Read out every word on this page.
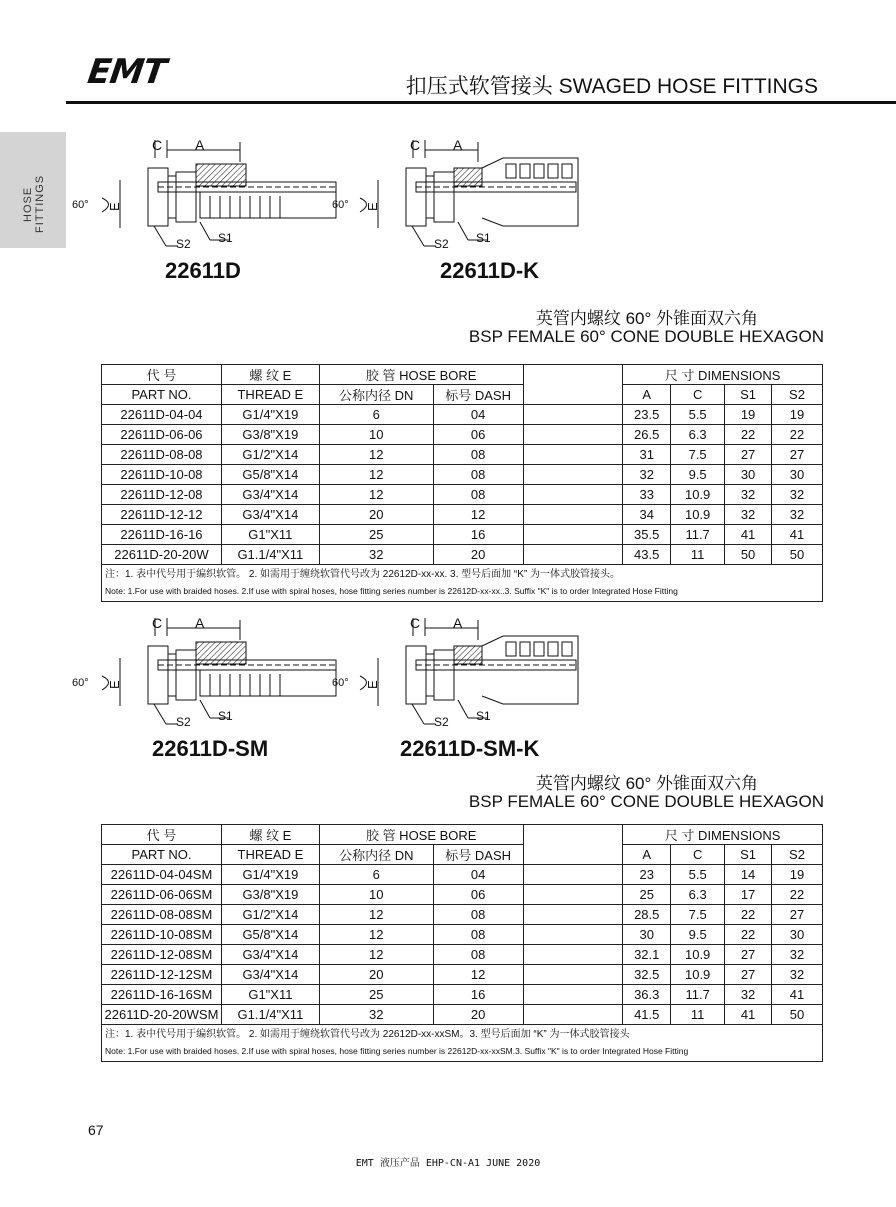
EMT	扣压式软管接头 SWAGED HOSE FITTINGS
HOSE FITTINGS
C A
E
60°
S2 S1
C A
E
60°
S2 S1
C A
E
60°
S2 S1
C A
E
60°
S2 S1
22611D	22611D-K
英管内螺纹 60° 外锥面双六角
BSP FEMALE 60° CONE DOUBLE HEXAGON
代 号	螺 纹 E	胶 管 HOSE BORE			尺 寸 DIMENSIONS			
PART NO.	THREAD E	公称内径 DN	标号 DASH		A	C	S1	S2
22611D-04-04	G1/4"X19	6	04		23.5	5.5	19	19
22611D-06-06	G3/8"X19	10	06		26.5	6.3	22	22
22611D-08-08	G1/2"X14	12	08		31	7.5	27	27
22611D-10-08	G5/8"X14	12	08		32	9.5	30	30
22611D-12-08	G3/4"X14	12	08		33	10.9	32	32
22611D-12-12	G3/4"X14	20	12		34	10.9	32	32
22611D-16-16	G1"X11	25	16		35.5	11.7	41	41
22611D-20-20W	G1.1/4"X11	32	20		43.5	11	50	50

注：1. 表中代号用于编织软管。 2. 如需用于缠绕软管代号改为 22612D-xx-xx. 3. 型号后面加 “K” 为一体式胶管接头。
Note: 1.For use with braided hoses. 2.If use with spiral hoses, hose fitting series number is 22612D-xx-xx..3. Suffix "K" is to order Integrated Hose Fitting								
22611D-SM	22611D-SM-K
英管内螺纹 60° 外锥面双六角
BSP FEMALE 60° CONE DOUBLE HEXAGON
代 号	螺 纹 E	胶 管 HOSE BORE			尺 寸 DIMENSIONS			
PART NO.	THREAD E	公称内径 DN	标号 DASH		A	C	S1	S2
22611D-04-04SM	G1/4"X19	6	04		23	5.5	14	19
22611D-06-06SM	G3/8"X19	10	06		25	6.3	17	22
22611D-08-08SM	G1/2"X14	12	08		28.5	7.5	22	27
22611D-10-08SM	G5/8"X14	12	08		30	9.5	22	30
22611D-12-08SM	G3/4"X14	12	08		32.1	10.9	27	32
22611D-12-12SM	G3/4"X14	20	12		32.5	10.9	27	32
22611D-16-16SM	G1"X11	25	16		36.3	11.7	32	41
22611D-20-20WSM	G1.1/4"X11	32	20		41.5	11	41	50

注：1. 表中代号用于编织软管。 2. 如需用于缠绕软管代号改为 22612D-xx-xxSM。3. 型号后面加 “K” 为一体式胶管接头
Note: 1.For use with braided hoses. 2.If use with spiral hoses, hose fitting series number is 22612D-xx-xxSM.3. Suffix "K" is to order Integrated Hose Fitting								
67
EMT 液压产品 EHP-CN-A1 JUNE 2020
